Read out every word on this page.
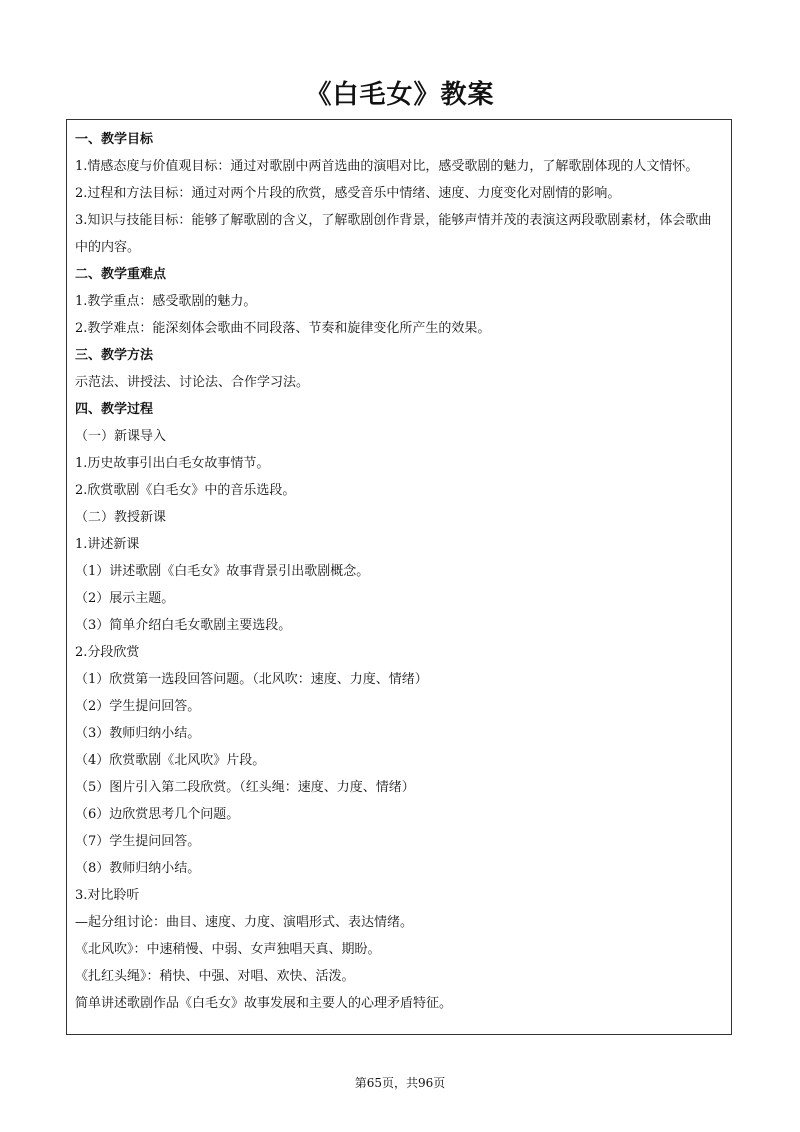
《白毛女》教案
一、教学目标
1.情感态度与价值观目标：通过对歌剧中两首选曲的演唱对比，感受歌剧的魅力，了解歌剧体现的人文情怀。
2.过程和方法目标：通过对两个片段的欣赏，感受音乐中情绪、速度、力度变化对剧情的影响。
3.知识与技能目标：能够了解歌剧的含义，了解歌剧创作背景，能够声情并茂的表演这两段歌剧素材，体会歌曲中的内容。
二、教学重难点
1.教学重点：感受歌剧的魅力。
2.教学难点：能深刻体会歌曲不同段落、节奏和旋律变化所产生的效果。
三、教学方法
示范法、讲授法、讨论法、合作学习法。
四、教学过程
（一）新课导入
1.历史故事引出白毛女故事情节。
2.欣赏歌剧《白毛女》中的音乐选段。
（二）教授新课
1.讲述新课
（1）讲述歌剧《白毛女》故事背景引出歌剧概念。
（2）展示主题。
（3）简单介绍白毛女歌剧主要选段。
2.分段欣赏
（1）欣赏第一选段回答问题。（北风吹：速度、力度、情绪）
（2）学生提问回答。
（3）教师归纳小结。
（4）欣赏歌剧《北风吹》片段。
（5）图片引入第二段欣赏。（红头绳：速度、力度、情绪）
（6）边欣赏思考几个问题。
（7）学生提问回答。
（8）教师归纳小结。
3.对比聆听
—起分组讨论：曲目、速度、力度、演唱形式、表达情绪。
《北风吹》：中速稍慢、中弱、女声独唱天真、期盼。
《扎红头绳》：稍快、中强、对唱、欢快、活泼。
简单讲述歌剧作品《白毛女》故事发展和主要人的心理矛盾特征。
第65页，共96页
